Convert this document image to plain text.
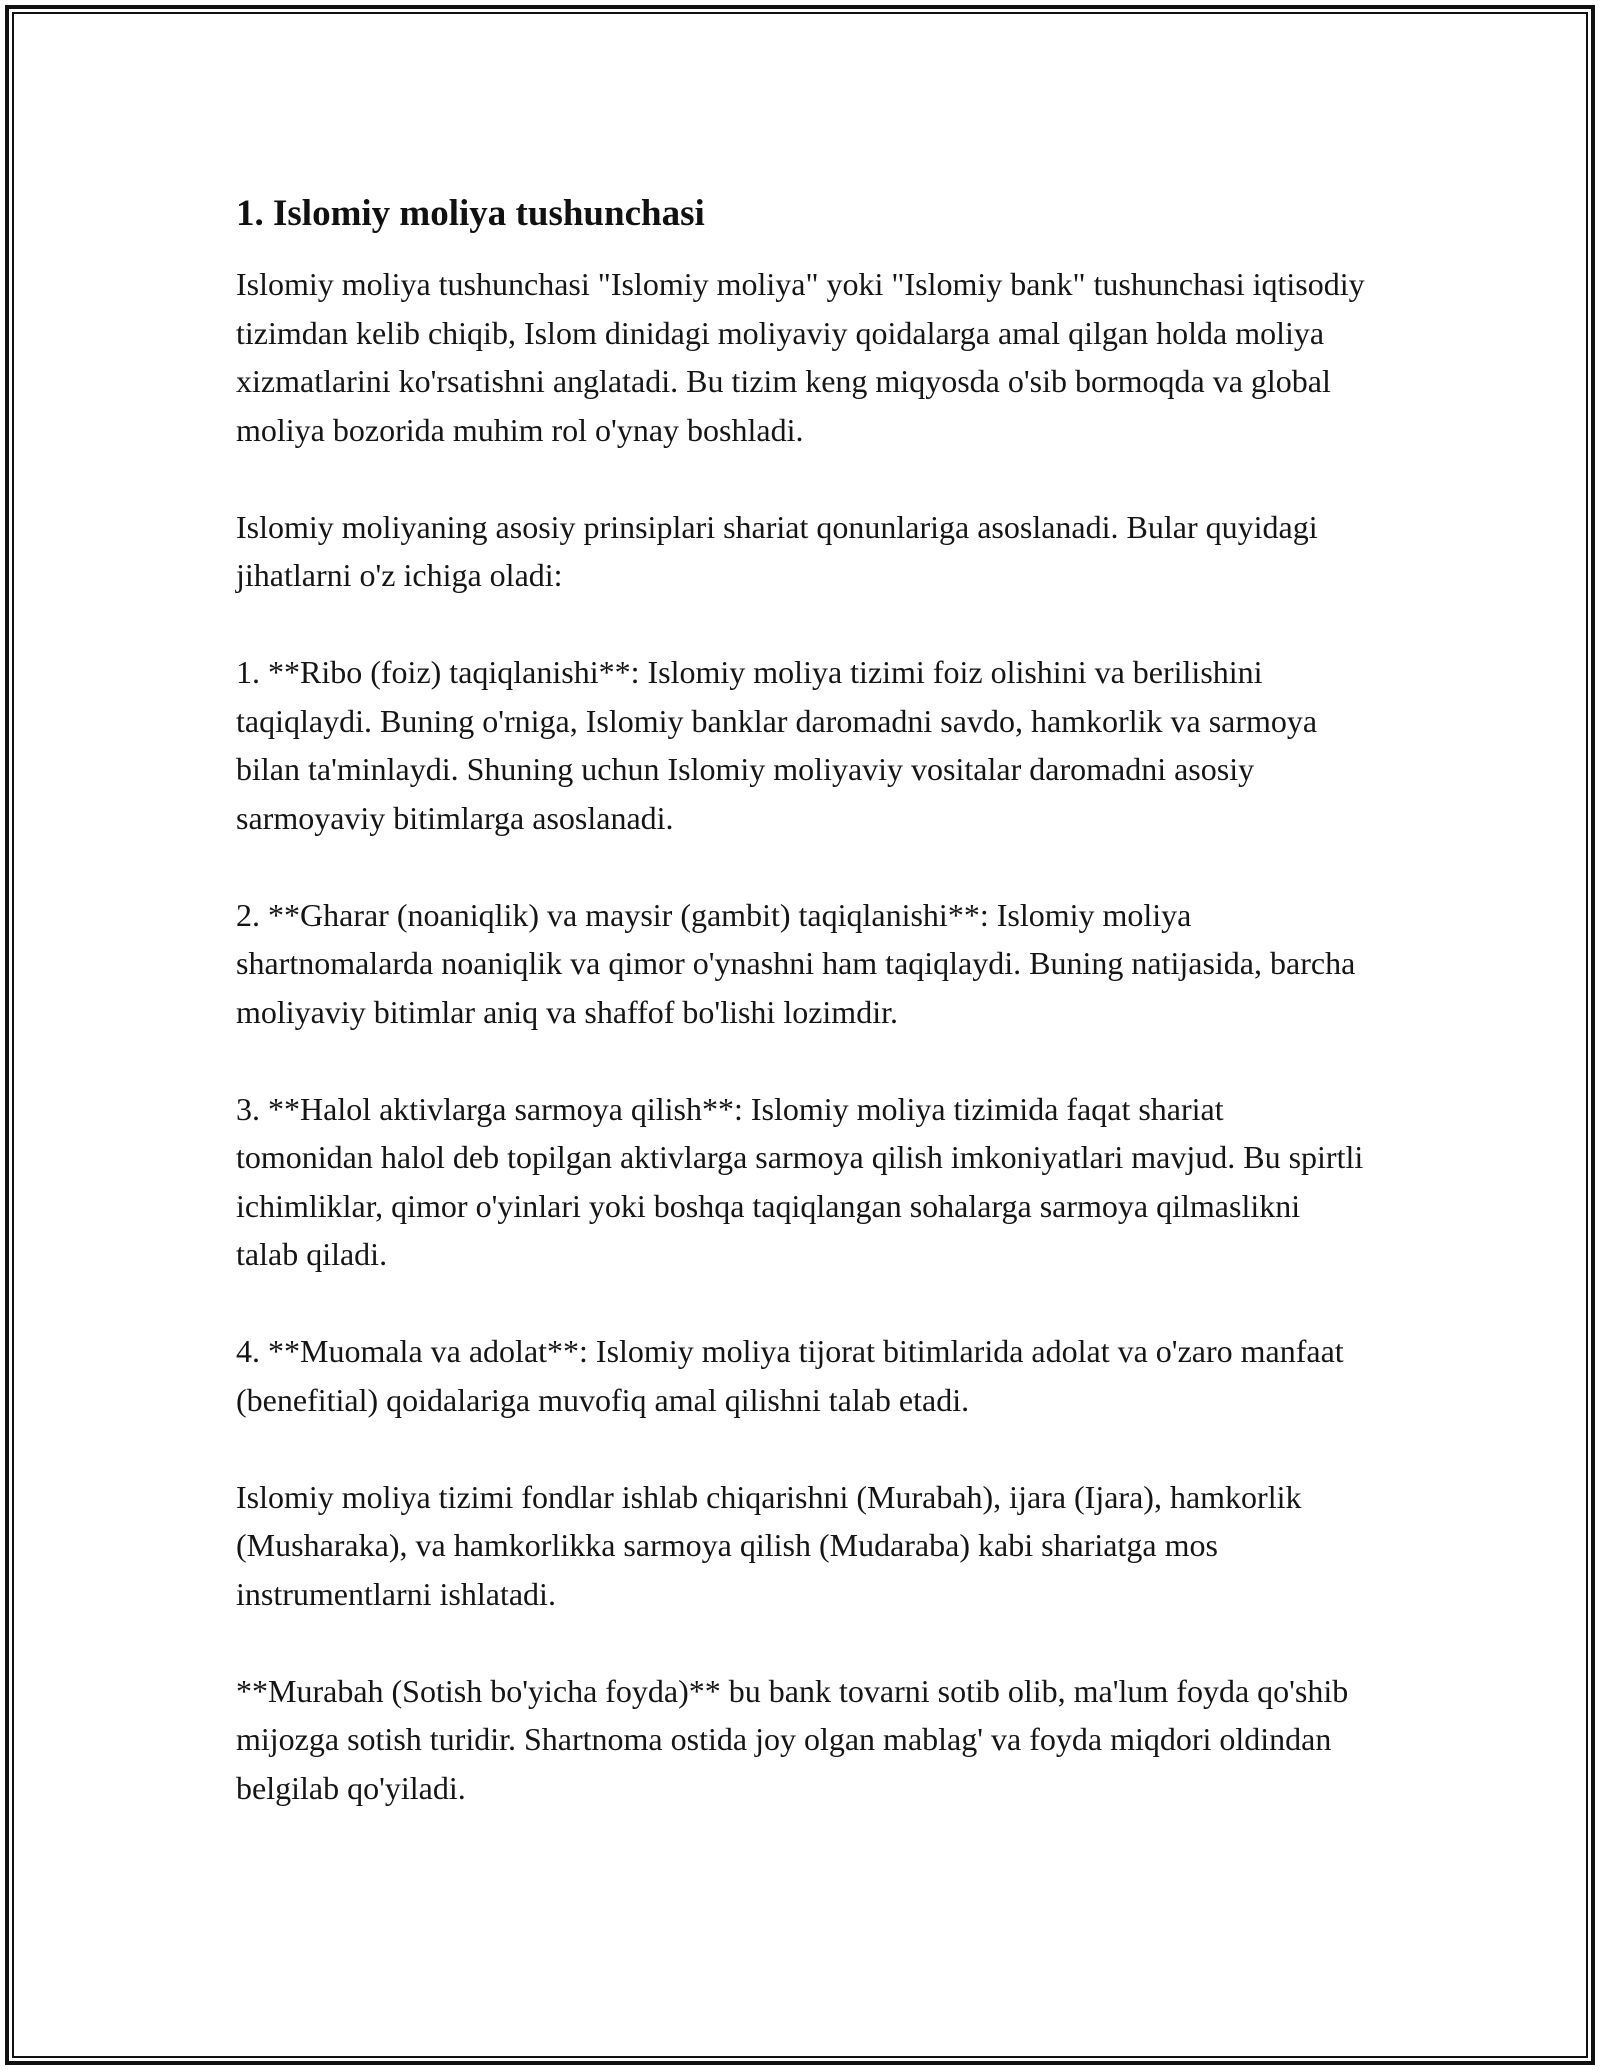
1. Islomiy moliya tushunchasi

Islomiy moliya tushunchasi "Islomiy moliya" yoki "Islomiy bank" tushunchasi iqtisodiy tizimdan kelib chiqib, Islom dinidagi moliyaviy qoidalarga amal qilgan holda moliya xizmatlarini ko'rsatishni anglatadi. Bu tizim keng miqyosda o'sib bormoqda va global moliya bozorida muhim rol o'ynay boshladi.

Islomiy moliyaning asosiy prinsiplari shariat qonunlariga asoslanadi. Bular quyidagi jihatlarni o'z ichiga oladi:

1. **Ribo (foiz) taqiqlanishi**: Islomiy moliya tizimi foiz olishini va berilishini taqiqlaydi. Buning o'rniga, Islomiy banklar daromadni savdo, hamkorlik va sarmoya bilan ta'minlaydi. Shuning uchun Islomiy moliyaviy vositalar daromadni asosiy sarmoyaviy bitimlarga asoslanadi.

2. **Gharar (noaniqlik) va maysir (gambit) taqiqlanishi**: Islomiy moliya shartnomalarda noaniqlik va qimor o'ynashni ham taqiqlaydi. Buning natijasida, barcha moliyaviy bitimlar aniq va shaffof bo'lishi lozimdir.

3. **Halol aktivlarga sarmoya qilish**: Islomiy moliya tizimida faqat shariat tomonidan halol deb topilgan aktivlarga sarmoya qilish imkoniyatlari mavjud. Bu spirtli ichimliklar, qimor o'yinlari yoki boshqa taqiqlangan sohalarga sarmoya qilmaslikni talab qiladi.

4. **Muomala va adolat**: Islomiy moliya tijorat bitimlarida adolat va o'zaro manfaat (benefitial) qoidalariga muvofiq amal qilishni talab etadi.

Islomiy moliya tizimi fondlar ishlab chiqarishni (Murabah), ijara (Ijara), hamkorlik (Musharaka), va hamkorlikka sarmoya qilish (Mudaraba) kabi shariatga mos instrumentlarni ishlatadi.

**Murabah (Sotish bo'yicha foyda)** bu bank tovarni sotib olib, ma'lum foyda qo'shib mijozga sotish turidir. Shartnoma ostida joy olgan mablag' va foyda miqdori oldindan belgilab qo'yiladi.
